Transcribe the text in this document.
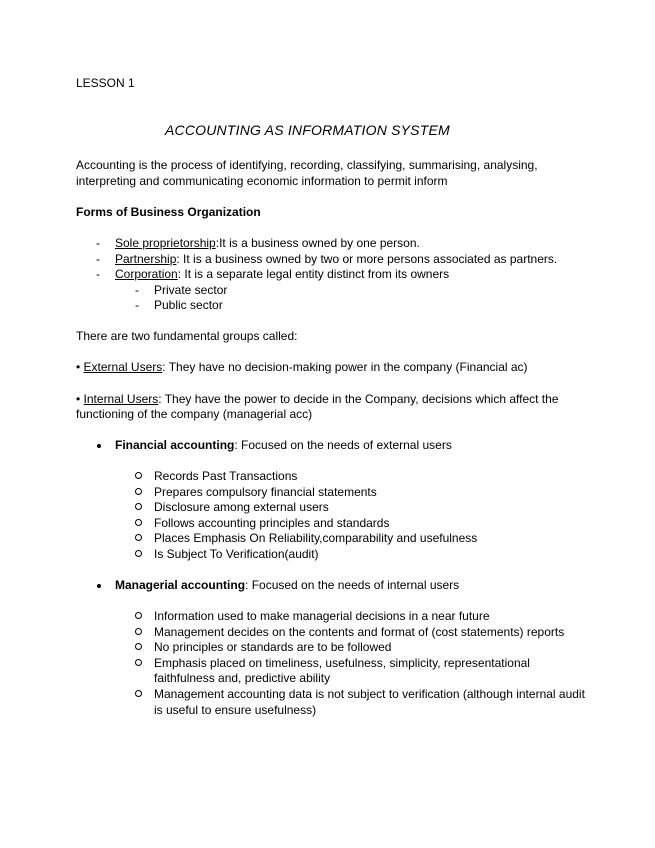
LESSON 1
ACCOUNTING AS INFORMATION SYSTEM
Accounting is the process of identifying, recording, classifying, summarising, analysing,
interpreting and communicating economic information to permit inform
Forms of Business Organization
- Sole proprietorship:It is a business owned by one person.
- Partnership: It is a business owned by two or more persons associated as partners.
- Corporation: It is a separate legal entity distinct from its owners
- Private sector
- Public sector
There are two fundamental groups called:
• External Users: They have no decision-making power in the company (Financial ac)
• Internal Users: They have the power to decide in the Company, decisions which affect the
functioning of the company (managerial acc)
Financial accounting: Focused on the needs of external users
Records Past Transactions
Prepares compulsory financial statements
Disclosure among external users
Follows accounting principles and standards
Places Emphasis On Reliability,comparability and usefulness
Is Subject To Verification(audit)
Managerial accounting: Focused on the needs of internal users
Information used to make managerial decisions in a near future
Management decides on the contents and format of (cost statements) reports
No principles or standards are to be followed
Emphasis placed on timeliness, usefulness, simplicity, representational
faithfulness and, predictive ability
Management accounting data is not subject to verification (although internal audit
is useful to ensure usefulness)
